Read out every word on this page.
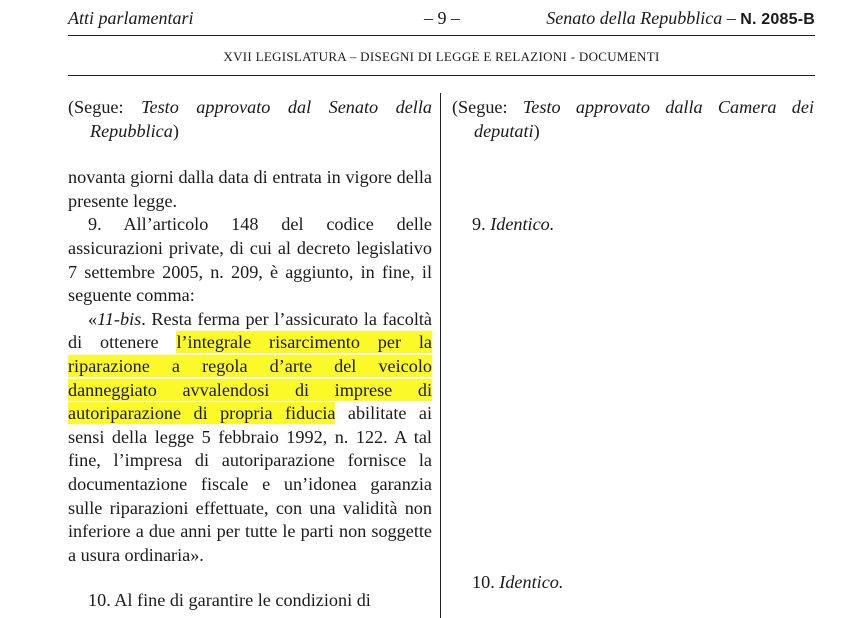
Atti parlamentari	– 9 –	Senato della Repubblica – N. 2085-B
XVII LEGISLATURA – DISEGNI DI LEGGE E RELAZIONI - DOCUMENTI

(Segue: Testo approvato dal Senato della Repubblica)

novanta giorni dalla data di entrata in vigore della presente legge.

9. All’articolo 148 del codice delle assicurazioni private, di cui al decreto legislativo 7 settembre 2005, n. 209, è aggiunto, in fine, il seguente comma:

«11-bis. Resta ferma per l’assicurato la facoltà di ottenere l’integrale risarcimento per la riparazione a regola d’arte del veicolo danneggiato avvalendosi di imprese di autoriparazione di propria fiducia abilitate ai sensi della legge 5 febbraio 1992, n. 122. A tal fine, l’impresa di autoriparazione fornisce la documentazione fiscale e un’idonea garanzia sulle riparazioni effettuate, con una validità non inferiore a due anni per tutte le parti non soggette a usura ordinaria».

10. Al fine di garantire le condizioni di

(Segue: Testo approvato dalla Camera dei deputati)

9. Identico.

10. Identico.
